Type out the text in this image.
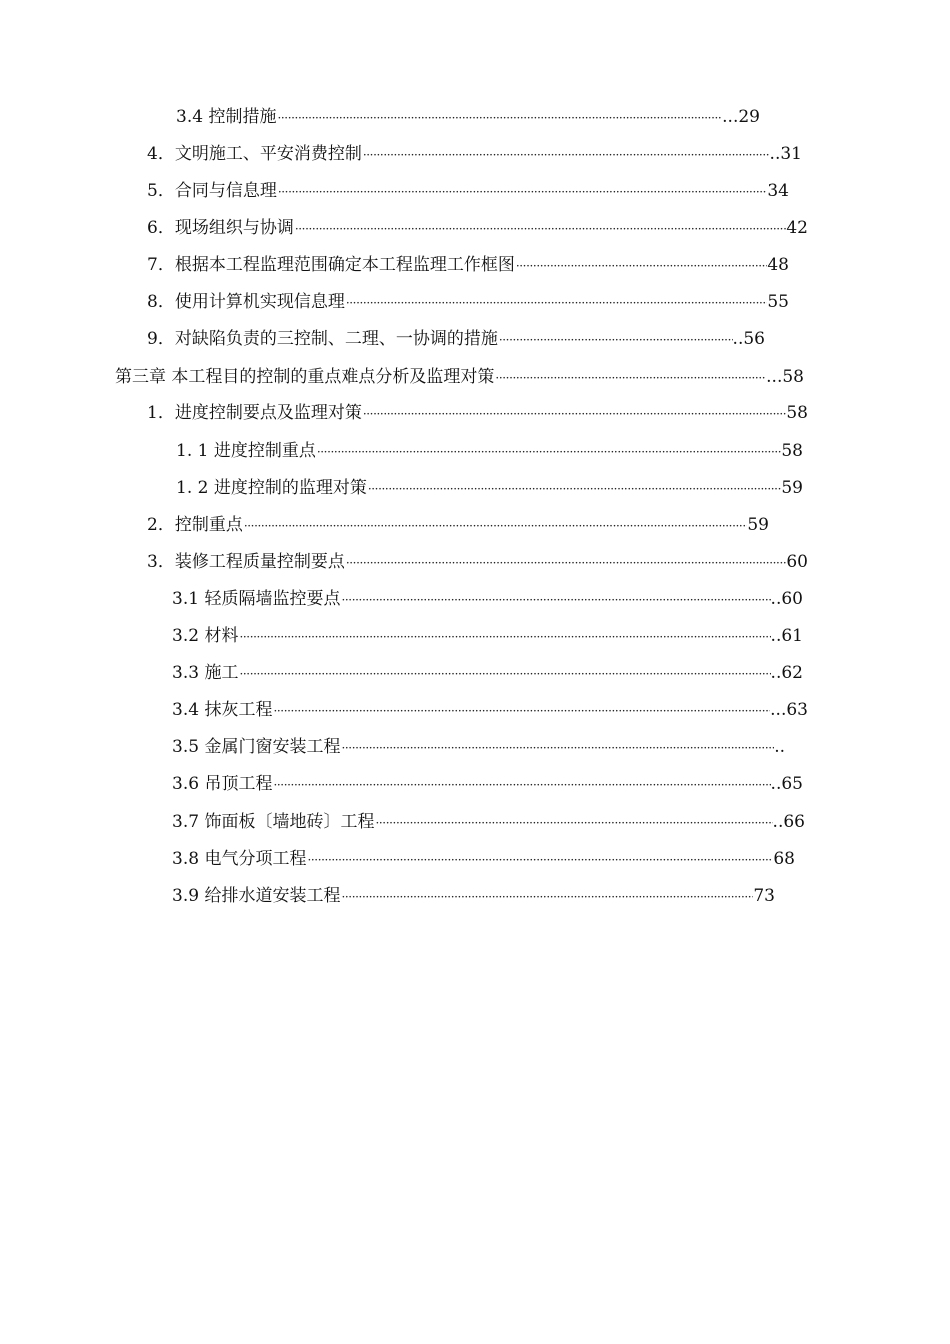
3.4 控制措施 ·····	...29
4．文明施工、平安消费控制 ·····	..31
5．合同与信息理 ·····	34
6．现场组织与协调 ·····	42
7．根据本工程监理范围确定本工程监理工作框图 ·····	48
8．使用计算机实现信息理 ·····	55
9．对缺陷负责的三控制、二理、一协调的措施 ·····	..56
第三章 本工程目的控制的重点难点分析及监理对策 ·····	...58
1．进度控制要点及监理对策 ·····	58
1. 1 进度控制重点 ·····	58
1. 2 进度控制的监理对策 ·····	59
2．控制重点 ·····	59
3．装修工程质量控制要点 ·····	60
3.1 轻质隔墙监控要点 ·····	..60
3.2 材料 ·····	..61
3.3 施工 ·····	..62
3.4 抹灰工程 ·····	...63
3.5 金属门窗安装工程 ·····	..
3.6 吊顶工程 ·····	..65
3.7 饰面板〔墙地砖〕工程 ·····	..66
3.8 电气分项工程 ·····	68
3.9 给排水道安装工程 ·····	73
